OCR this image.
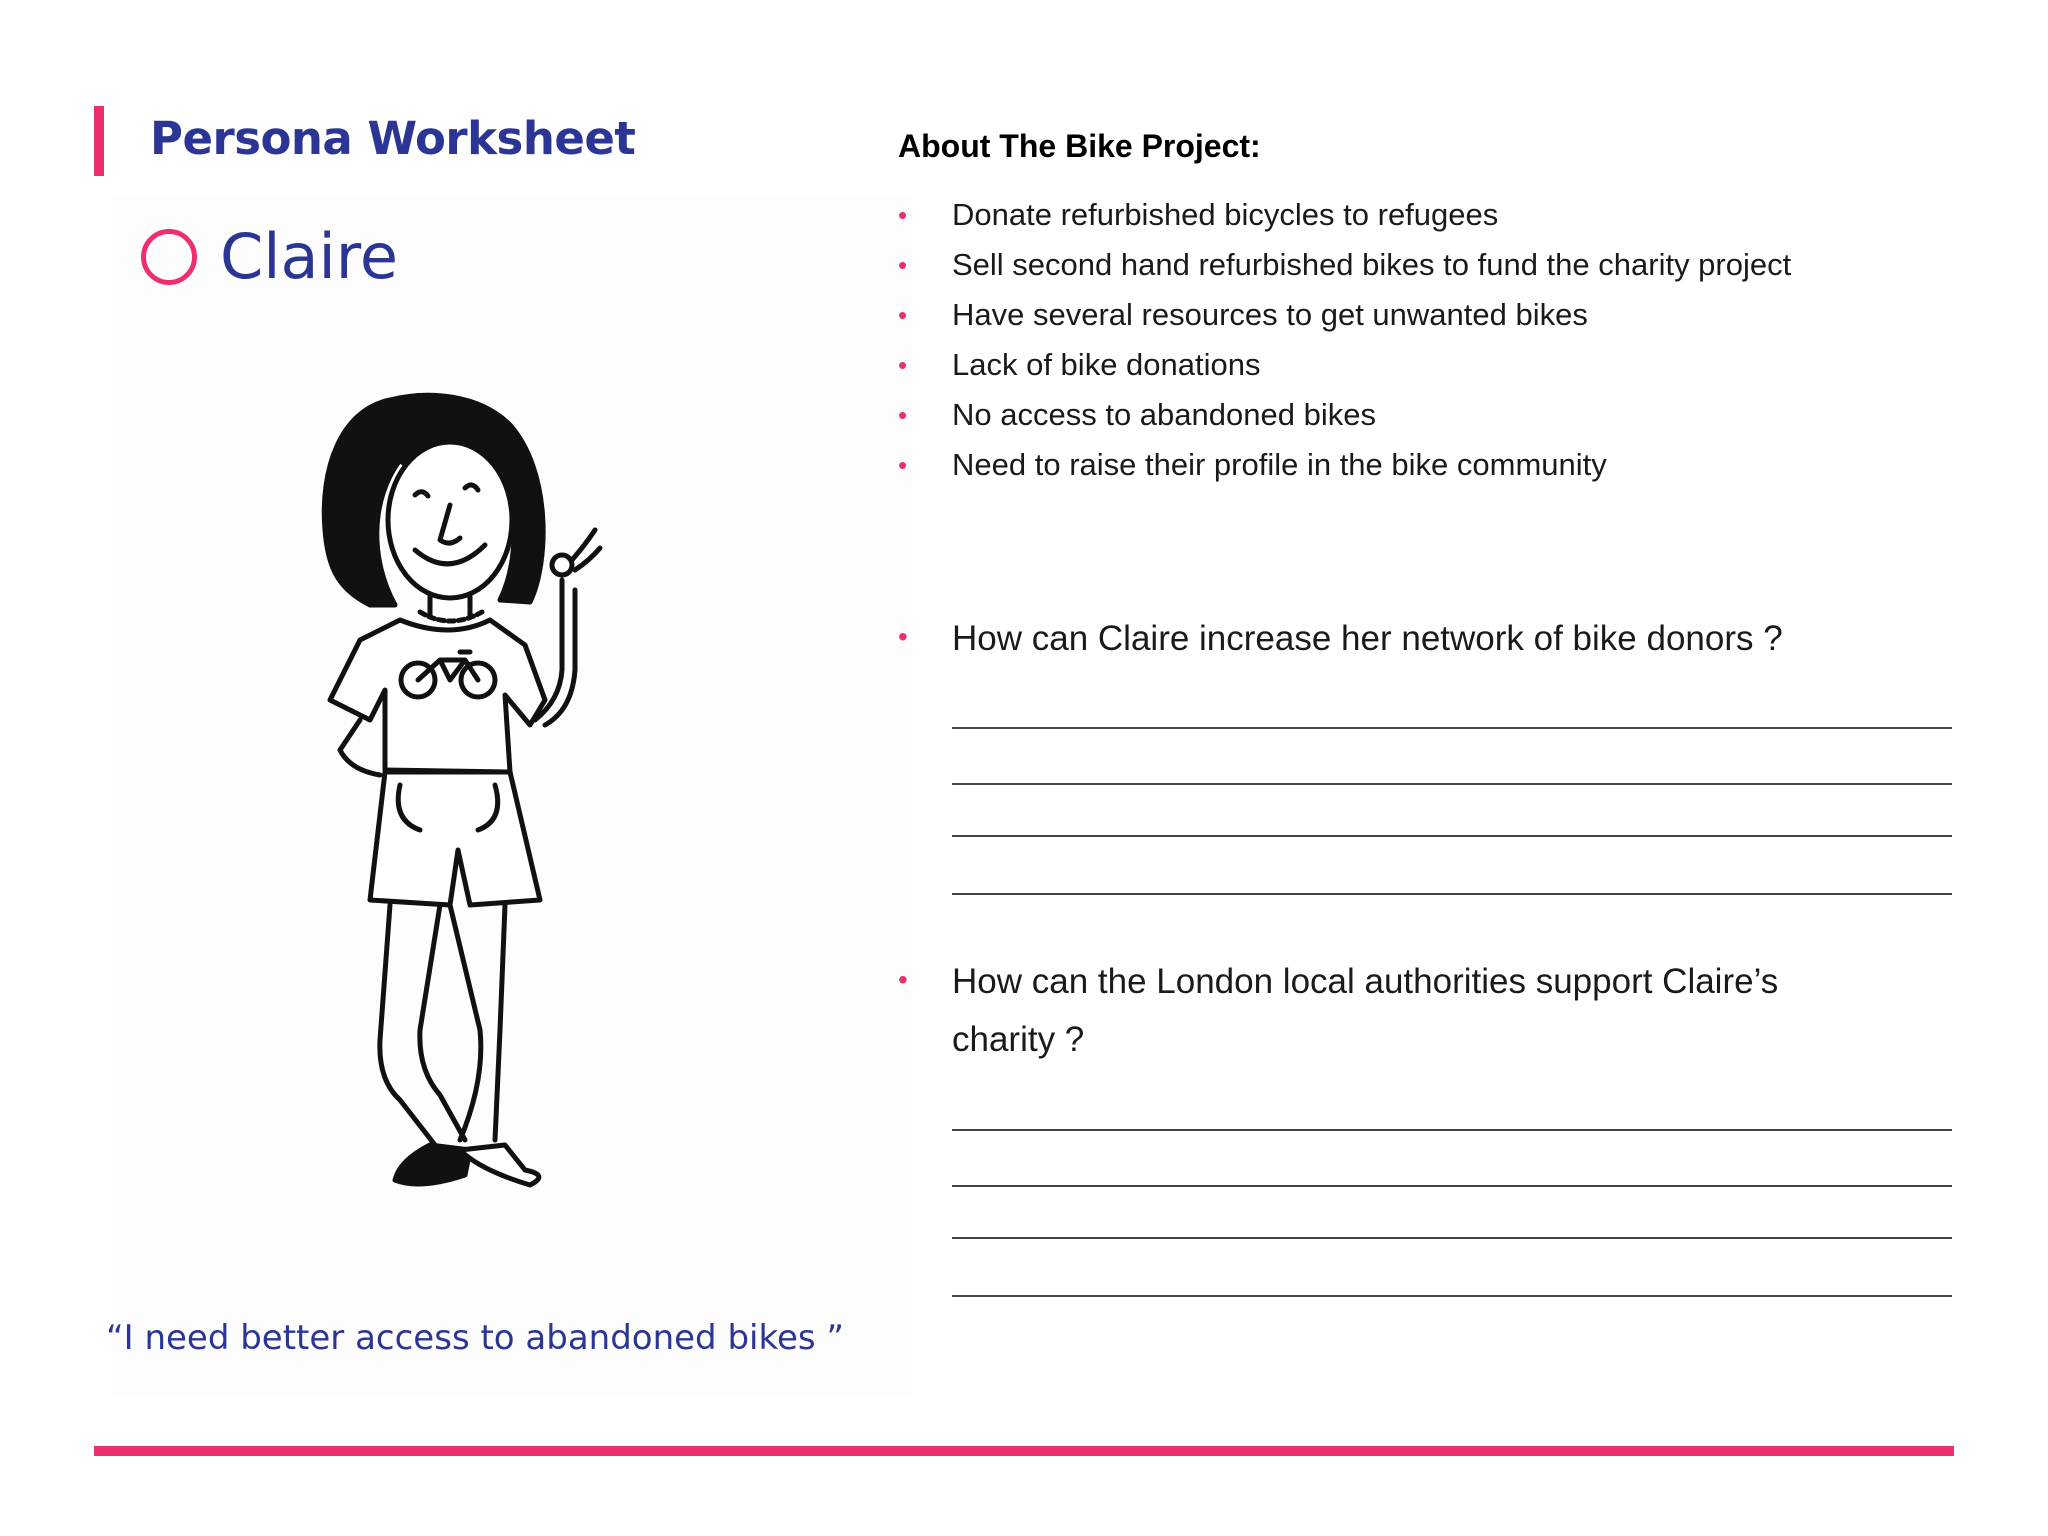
Persona Worksheet
Claire
“I need better access to abandoned bikes ”
About The Bike Project:
• Donate refurbished bicycles to refugees
• Sell second hand refurbished bikes to fund the charity project
• Have several resources to get unwanted bikes
• Lack of bike donations
• No access to abandoned bikes
• Need to raise their profile in the bike community
• How can Claire increase her network of bike donors ?
• How can the London local authorities support Claire’s charity ?
